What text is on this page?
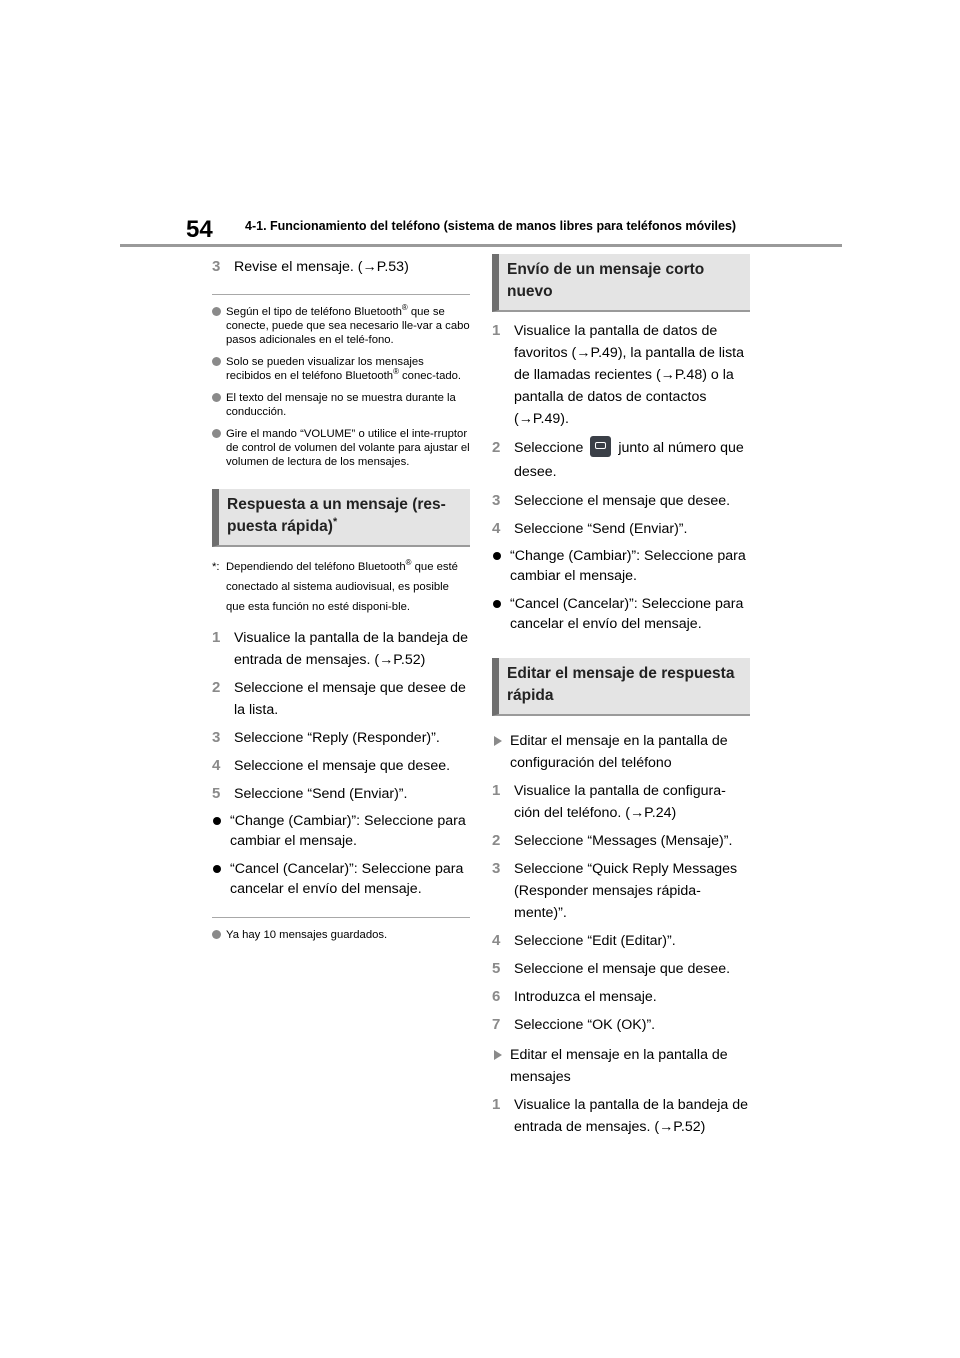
54	4-1. Funcionamiento del teléfono (sistema de manos libres para teléfonos móviles)
3 Revise el mensaje. (→P.53)
Según el tipo de teléfono Bluetooth® que se conecte, puede que sea necesario lle-var a cabo pasos adicionales en el telé-fono.
Solo se pueden visualizar los mensajes recibidos en el teléfono Bluetooth® conec-tado.
El texto del mensaje no se muestra durante la conducción.
Gire el mando “VOLUME” o utilice el inte-rruptor de control de volumen del volante para ajustar el volumen de lectura de los mensajes.
Respuesta a un mensaje (res-puesta rápida)*
*: Dependiendo del teléfono Bluetooth® que esté conectado al sistema audiovisual, es posible que esta función no esté disponi-ble.
1 Visualice la pantalla de la bandeja de entrada de mensajes. (→P.52)
2 Seleccione el mensaje que desee de la lista.
3 Seleccione “Reply (Responder)”.
4 Seleccione el mensaje que desee.
5 Seleccione “Send (Enviar)”.
“Change (Cambiar)”: Seleccione para cambiar el mensaje.
“Cancel (Cancelar)”: Seleccione para cancelar el envío del mensaje.
Ya hay 10 mensajes guardados.
Envío de un mensaje corto nuevo
1 Visualice la pantalla de datos de favoritos (→P.49), la pantalla de lista de llamadas recientes (→P.48) o la pantalla de datos de contactos (→P.49).
2 Seleccione junto al número que desee.
3 Seleccione el mensaje que desee.
4 Seleccione “Send (Enviar)”.
“Change (Cambiar)”: Seleccione para cambiar el mensaje.
“Cancel (Cancelar)”: Seleccione para cancelar el envío del mensaje.
Editar el mensaje de respuesta rápida
Editar el mensaje en la pantalla de configuración del teléfono
1 Visualice la pantalla de configura-ción del teléfono. (→P.24)
2 Seleccione “Messages (Mensaje)”.
3 Seleccione “Quick Reply Messages (Responder mensajes rápida-mente)”.
4 Seleccione “Edit (Editar)”.
5 Seleccione el mensaje que desee.
6 Introduzca el mensaje.
7 Seleccione “OK (OK)”.
Editar el mensaje en la pantalla de mensajes
1 Visualice la pantalla de la bandeja de entrada de mensajes. (→P.52)
